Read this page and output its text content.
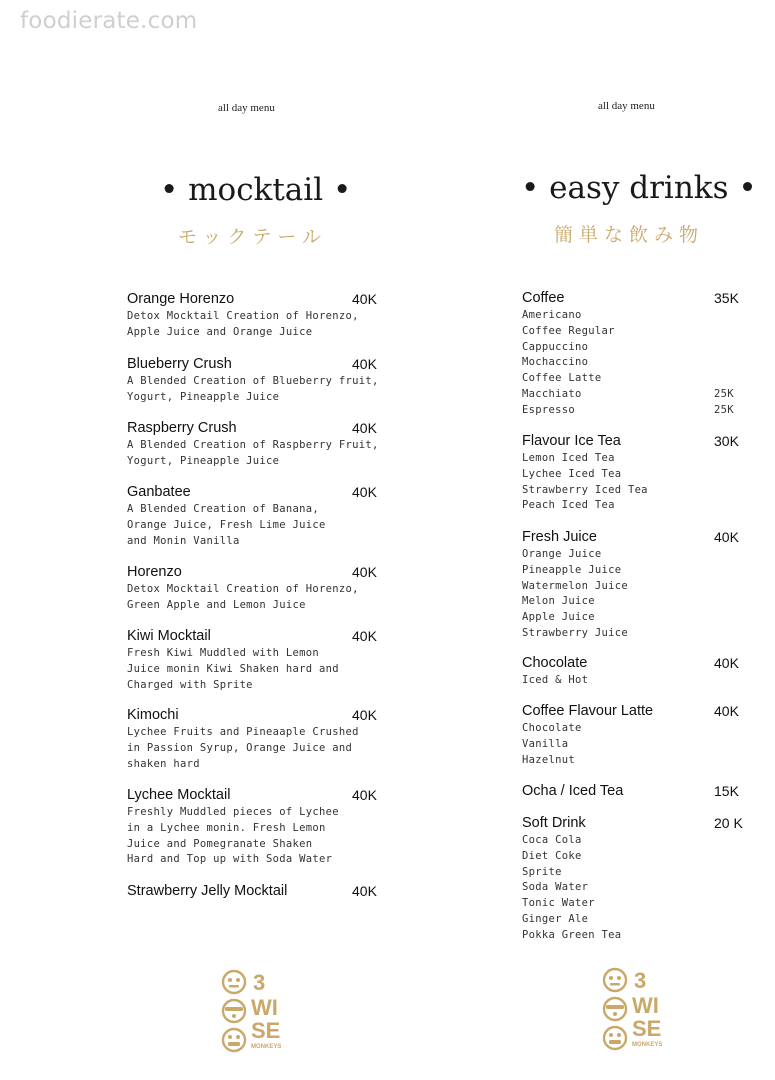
foodierate.com
all day menu
• mocktail •
モックテール
Orange Horenzo	40K
Detox Mocktail Creation of Horenzo,
Apple Juice and Orange Juice
Blueberry Crush	40K
A Blended Creation of Blueberry fruit,
Yogurt, Pineapple Juice
Raspberry Crush	40K
A Blended Creation of Raspberry Fruit,
Yogurt, Pineapple Juice
Ganbatee	40K
A Blended Creation of Banana,
Orange Juice, Fresh Lime Juice
and Monin Vanilla
Horenzo	40K
Detox Mocktail Creation of Horenzo,
Green Apple and Lemon Juice
Kiwi Mocktail	40K
Fresh Kiwi Muddled with Lemon
Juice monin Kiwi Shaken hard and
Charged with Sprite
Kimochi	40K
Lychee Fruits and Pineaaple Crushed
in Passion Syrup, Orange Juice and
shaken hard
Lychee Mocktail	40K
Freshly Muddled pieces of Lychee
in a Lychee monin. Fresh Lemon
Juice and Pomegranate Shaken
Hard and Top up with Soda Water
Strawberry Jelly Mocktail	40K
3
WI
SE
MONKEYS
all day menu
• easy drinks •
簡単な飲み物
Coffee	35K
Americano
Coffee Regular
Cappuccino
Mochaccino
Coffee Latte
Macchiato	25K
Espresso	25K
Flavour Ice Tea	30K
Lemon Iced Tea
Lychee Iced Tea
Strawberry Iced Tea
Peach Iced Tea
Fresh Juice	40K
Orange Juice
Pineapple Juice
Watermelon Juice
Melon Juice
Apple Juice
Strawberry Juice
Chocolate	40K
Iced & Hot
Coffee Flavour Latte	40K
Chocolate
Vanilla
Hazelnut
Ocha / Iced Tea	15K
Soft Drink	20 K
Coca Cola
Diet Coke
Sprite
Soda Water
Tonic Water
Ginger Ale
Pokka Green Tea
3
WI
SE
MONKEYS
